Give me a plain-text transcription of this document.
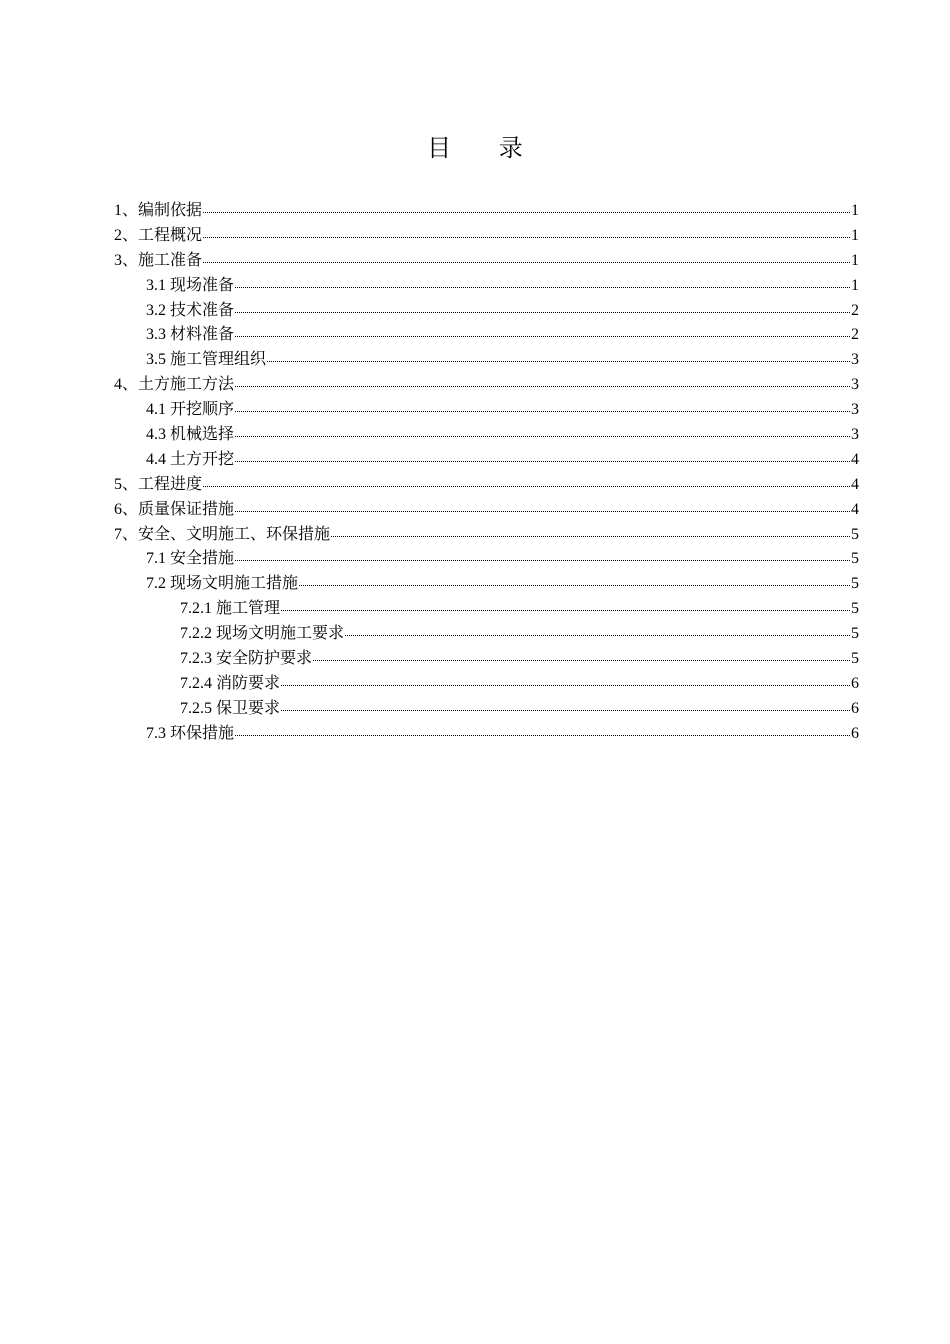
目 录
1、编制依据	1
2、工程概况	1
3、施工准备	1
3.1 现场准备	1
3.2 技术准备	2
3.3 材料准备	2
3.5 施工管理组织	3
4、土方施工方法	3
4.1 开挖顺序	3
4.3 机械选择	3
4.4 土方开挖	4
5、工程进度	4
6、质量保证措施	4
7、安全、文明施工、环保措施	5
7.1 安全措施	5
7.2 现场文明施工措施	5
7.2.1 施工管理	5
7.2.2 现场文明施工要求	5
7.2.3 安全防护要求	5
7.2.4 消防要求	6
7.2.5 保卫要求	6
7.3 环保措施	6
